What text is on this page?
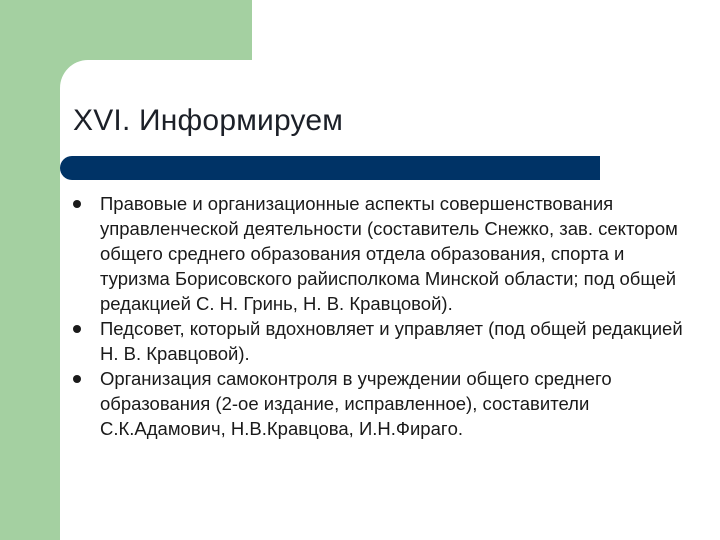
XVI. Информируем
Правовые и организационные аспекты совершенствования управленческой деятельности (составитель Снежко, зав. сектором общего среднего образования отдела образования, спорта и туризма Борисовского райисполкома Минской области; под общей редакцией С. Н. Гринь, Н. В. Кравцовой).
Педсовет, который вдохновляет и управляет (под общей редакцией Н. В. Кравцовой).
Организация самоконтроля в учреждении общего среднего образования (2-ое издание, исправленное), составители С.К.Адамович, Н.В.Кравцова, И.Н.Фирагo.
